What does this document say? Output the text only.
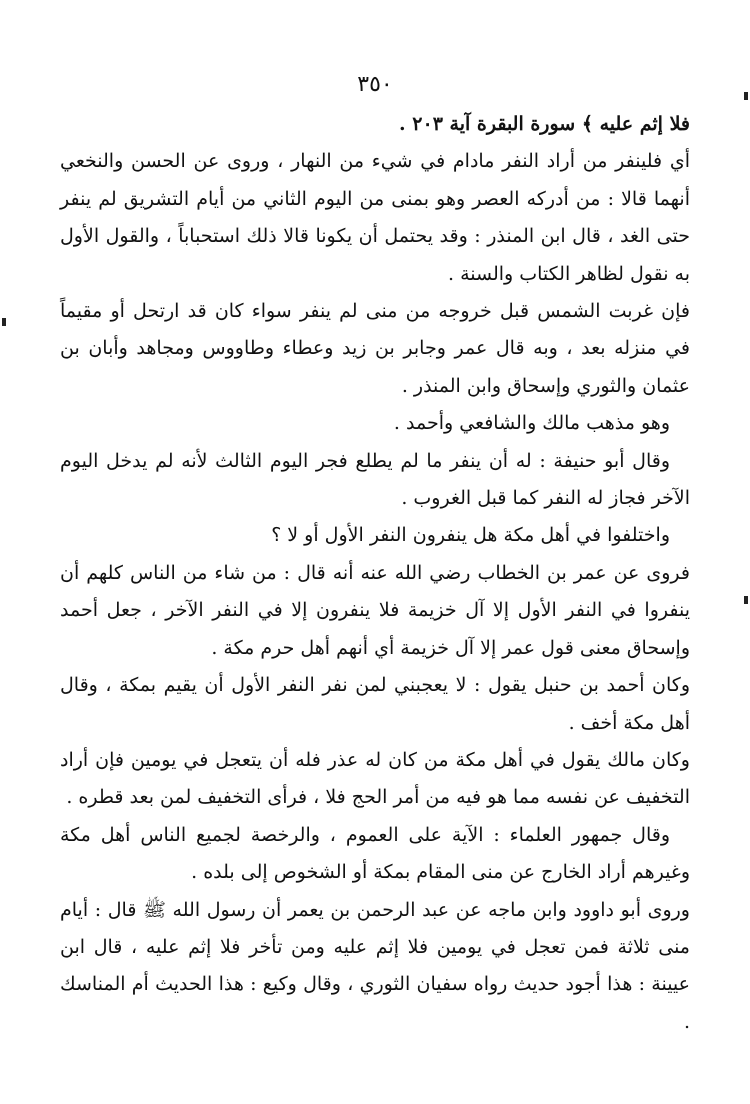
٣٥٠

فلا إثم عليه ﴾ سورة البقرة آية ٢٠٣ .

أي فلينفر من أراد النفر مادام في شيء من النهار ، وروى عن الحسن والنخعي أنهما قالا : من أدركه العصر وهو بمنى من اليوم الثاني من أيام التشريق لم ينفر حتى الغد ، قال ابن المنذر : وقد يحتمل أن يكونا قالا ذلك استحباباً ، والقول الأول به نقول لظاهر الكتاب والسنة .

فإن غربت الشمس قبل خروجه من منى لم ينفر سواء كان قد ارتحل أو مقيماً في منزله بعد ، وبه قال عمر وجابر بن زيد وعطاء وطاووس ومجاهد وأبان بن عثمان والثوري وإسحاق وابن المنذر .

وهو مذهب مالك والشافعي وأحمد .

وقال أبو حنيفة : له أن ينفر ما لم يطلع فجر اليوم الثالث لأنه لم يدخل اليوم الآخر فجاز له النفر كما قبل الغروب .

واختلفوا في أهل مكة هل ينفرون النفر الأول أو لا ؟

فروى عن عمر بن الخطاب رضي الله عنه أنه قال : من شاء من الناس كلهم أن ينفروا في النفر الأول إلا آل خزيمة فلا ينفرون إلا في النفر الآخر ، جعل أحمد وإسحاق معنى قول عمر إلا آل خزيمة أي أنهم أهل حرم مكة .

وكان أحمد بن حنبل يقول : لا يعجبني لمن نفر النفر الأول أن يقيم بمكة ، وقال أهل مكة أخف .

وكان مالك يقول في أهل مكة من كان له عذر فله أن يتعجل في يومين فإن أراد التخفيف عن نفسه مما هو فيه من أمر الحج فلا ، فرأى التخفيف لمن بعد قطره .

وقال جمهور العلماء : الآية على العموم ، والرخصة لجميع الناس أهل مكة وغيرهم أراد الخارج عن منى المقام بمكة أو الشخوص إلى بلده .

وروى أبو داوود وابن ماجه عن عبد الرحمن بن يعمر أن رسول الله ﷺ قال : أيام منى ثلاثة فمن تعجل في يومين فلا إثم عليه ومن تأخر فلا إثم عليه ، قال ابن عيينة : هذا أجود حديث رواه سفيان الثوري ، وقال وكيع : هذا الحديث أم المناسك .
